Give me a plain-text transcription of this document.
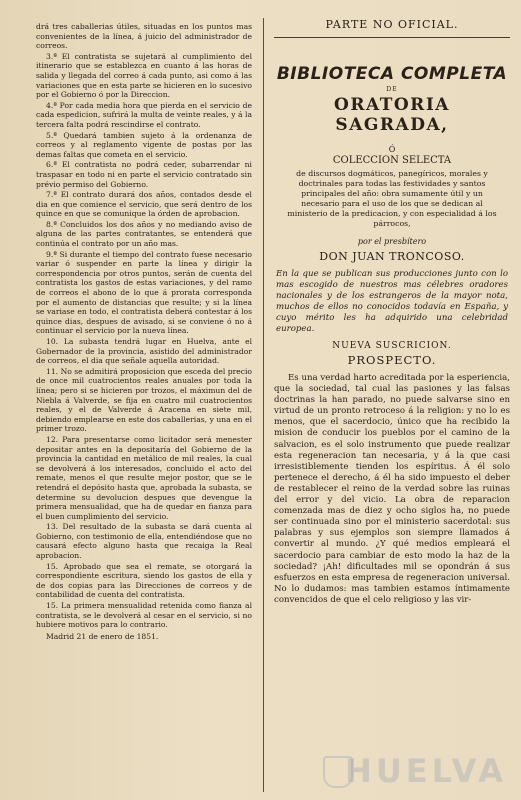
drá tres caballerias útiles, situadas en los puntos mas convenientes de la línea, á juicio del administrador de correos.

3.ª El contratista se sujetará al cumplimiento del itinerario que se establezca en cuanto á las horas de salida y llegada del correo á cada punto, asi como á las variaciones que en esta parte se hicieren en lo sucesivo por el Gobierno ó por la Direccion.

4.ª Por cada media hora que pierda en el servicio de cada espedicion, sufrirá la multa de veinte reales, y á la tercera falta podrá rescindirse el contrato.

5.ª Quedará tambien sujeto á la ordenanza de correos y al reglamento vigente de postas por las demas faltas que cometa en el servicio.

6.ª El contratista no podrá ceder, subarrendar ni traspasar en todo ni en parte el servicio contratado sin prévio permiso del Gobierno.

7.ª El contrato durará dos años, contados desde el dia en que comience el servicio, que será dentro de los quince en que se comunique la órden de aprobacion.

8.ª Concluidos los dos años y no mediando aviso de alguna de las partes contratantes, se entenderá que continúa el contrato por un año mas.

9.ª Si durante el tiempo del contrato fuese necesario variar ó suspender en parte la línea y dirigir la correspondencia por otros puntos, serán de cuenta del contratista los gastos de estas variaciones, y del ramo de correos el abono de lo que á prorata corresponda por el aumento de distancias que resulte; y si la línea se variase en todo, el contratista deberá contestar á los quince dias, despues de avisado, si se conviene ó no á continuar el servicio por la nueva línea.

10. La subasta tendrá lugar en Huelva, ante el Gobernador de la provincia, asistido del administrador de correos, el dia que señale aquella autoridad.

11. No se admitirá proposicion que esceda del precio de once mil cuatrocientos reales anuales por toda la línea; pero si se hicieren por trozos, el máximun del de Niebla á Valverde, se fija en cuatro mil cuatrocientos reales, y el de Valverde á Aracena en siete mil, debiendo emplearse en este dos caballerias, y una en el primer trozo.

12. Para presentarse como licitador será menester depositar antes en la depositaría del Gobierno de la provincia la cantidad en metálico de mil reales, la cual se devolverá á los interesados, concluido el acto del remate, menos el que resulte mejor postor, que se le retendrá el depósito hasta que, aprobada la subasta, se determine su devolucion despues que devengue la primera mensualidad, que ha de quedar en fianza para el buen cumplimiento del servicio.

13. Del resultado de la subasta se dará cuenta al Gobierno, con testimonio de ella, entendiéndose que no causará efecto alguno hasta que recaiga la Real aprobacion.

15. Aprobado que sea el remate, se otorgará la correspondiente escritura, siendo los gastos de ella y de dos copias para las Direcciones de correos y de contabilidad de cuenta del contratista.

15. La primera mensualidad retenida como fianza al contratista, se le devolverá al cesar en el servicio, si no hubiere motivos para lo contrario.

Madrid 21 de enero de 1851.

PARTE NO OFICIAL.
BIBLIOTECA COMPLETA
DE
ORATORIA SAGRADA,
Ó
COLECCION SELECTA
de discursos dogmáticos, panegíricos, morales y doctrinales para todas las festividades y santos principales del año: obra sumamente útil y un necesario para el uso de los que se dedican al ministerio de la predicacion, y con especialidad á los párrocos,
por el presbítero
DON JUAN TRONCOSO.
En la que se publican sus producciones junto con lo mas escogido de nuestros mas célebres oradores nacionales y de los estrangeros de la mayor nota, muchos de ellos no conocidos todavía en España, y cuyo mérito les ha adquirido una celebridad europea.
NUEVA SUSCRICION.
PROSPECTO.

Es una verdad harto acreditada por la esperiencia, que la sociedad, tal cual las pasiones y las falsas doctrinas la han parado, no puede salvarse sino en virtud de un pronto retroceso á la religion: y no lo es menos, que el sacerdocio, único que ha recibido la mision de conducir los pueblos por el camino de la salvacion, es el solo instrumento que puede realizar esta regeneracion tan necesaria, y á la que casi irresistiblemente tienden los espíritus. Á él solo pertenece el derecho, á él ha sido impuesto el deber de restablecer el reino de la verdad sobre las ruinas del error y del vicio. La obra de reparacion comenzada mas de diez y ocho siglos ha, no puede ser continuada sino por el ministerio sacerdotal: sus palabras y sus ejemplos son siempre llamados á convertir al mundo. ¿Y qué medios empleará el sacerdocio para cambiar de esto modo la haz de la sociedad? ¡Ah! dificultades mil se opondrán á sus esfuerzos en esta empresa de regeneracion universal. No lo dudamos: mas tambien estamos íntimamente convencidos de que el celo religioso y las vir-

HUELVA
